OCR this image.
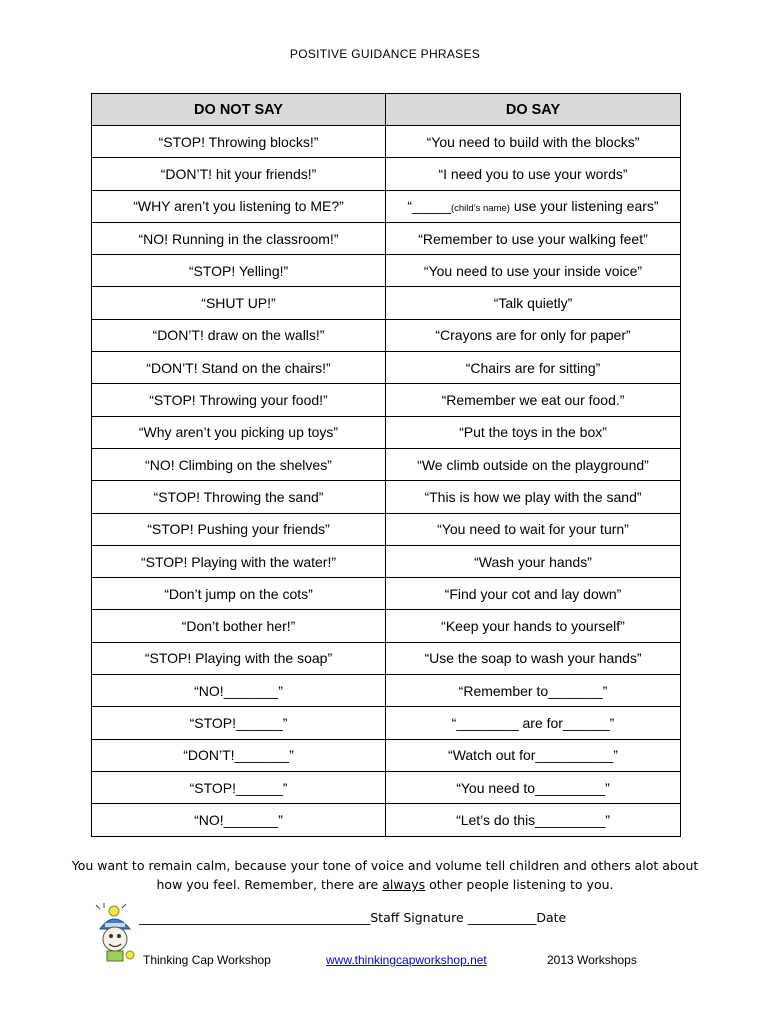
POSITIVE GUIDANCE PHRASES
DO NOT SAY	DO SAY
“STOP! Throwing blocks!”	“You need to build with the blocks”
“DON’T! hit your friends!”	“I need you to use your words”
“WHY aren’t you listening to ME?”	“_____(child’s name) use your listening ears”
“NO! Running in the classroom!”	“Remember to use your walking feet”
“STOP! Yelling!”	“You need to use your inside voice”
“SHUT UP!”	“Talk quietly”
“DON’T! draw on the walls!”	“Crayons are for only for paper”
“DON’T! Stand on the chairs!”	“Chairs are for sitting”
“STOP! Throwing your food!”	“Remember we eat our food.”
“Why aren’t you picking up toys”	“Put the toys in the box”
“NO! Climbing on the shelves”	“We climb outside on the playground”
“STOP! Throwing the sand”	“This is how we play with the sand”
“STOP! Pushing your friends”	“You need to wait for your turn”
“STOP! Playing with the water!”	“Wash your hands”
“Don’t jump on the cots”	“Find your cot and lay down”
“Don’t bother her!”	“Keep your hands to yourself”
“STOP! Playing with the soap”	“Use the soap to wash your hands”
“NO!_______”	“Remember to_______”
“STOP!______”	“________ are for______”
“DON’T!_______”	“Watch out for__________”
“STOP!______”	“You need to_________”
“NO!_______”	“Let’s do this_________”
You want to remain calm, because your tone of voice and volume tell children and others alot about how you feel. Remember, there are always other people listening to you.
_____________________________________Staff Signature ___________Date
Thinking Cap Workshop	www.thinkingcapworkshop.net	2013 Workshops
